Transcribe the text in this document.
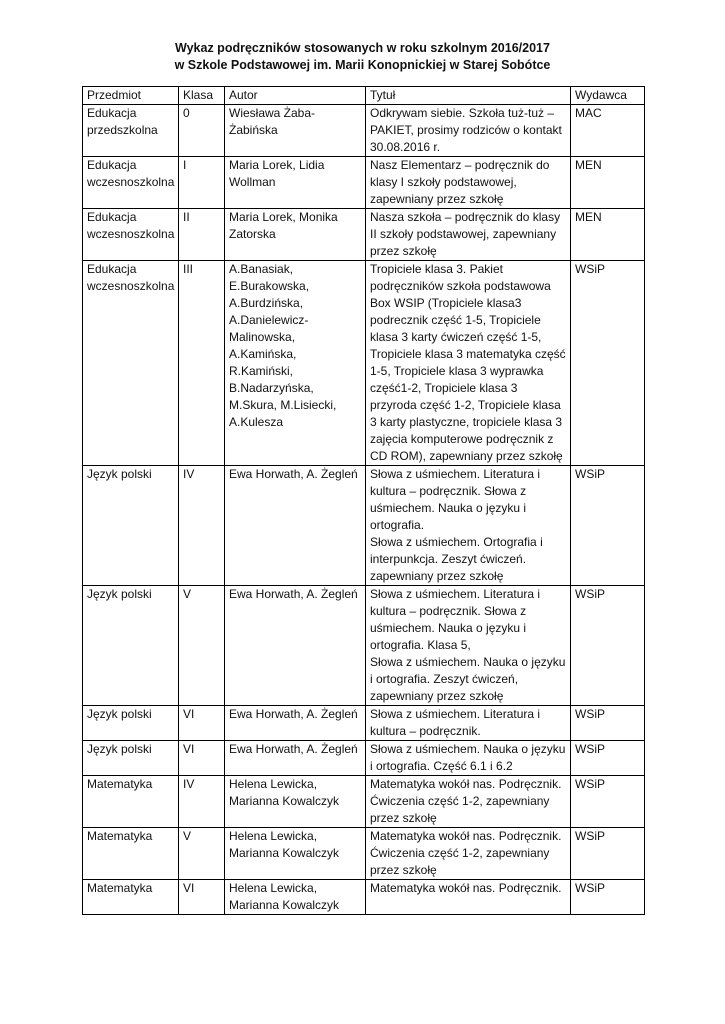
Wykaz podręczników stosowanych w roku szkolnym 2016/2017
w Szkole Podstawowej im. Marii Konopnickiej w Starej Sobótce
Przedmiot	Klasa	Autor	Tytuł	Wydawca
Edukacja przedszkolna	0	Wiesława Żaba-Żabińska	Odkrywam siebie. Szkoła tuż-tuż – PAKIET, prosimy rodziców o kontakt 30.08.2016 r.	MAC
Edukacja wczesnoszkolna	I	Maria Lorek, Lidia Wollman	Nasz Elementarz – podręcznik do klasy I szkoły podstawowej, zapewniany przez szkołę	MEN
Edukacja wczesnoszkolna	II	Maria Lorek, Monika Zatorska	Nasza szkoła – podręcznik do klasy II szkoły podstawowej, zapewniany przez szkołę	MEN
Edukacja wczesnoszkolna	III	A.Banasiak, E.Burakowska, A.Burdzińska, A.Danielewicz-Malinowska, A.Kamińska, R.Kamiński, B.Nadarzyńska, M.Skura, M.Lisiecki, A.Kulesza	Tropiciele klasa 3. Pakiet podręczników szkoła podstawowa Box WSIP (Tropiciele klasa3 podrecznik część 1-5, Tropiciele klasa 3 karty ćwiczeń część 1-5, Tropiciele klasa 3 matematyka część 1-5, Tropiciele klasa 3 wyprawka część1-2, Tropiciele klasa 3 przyroda część 1-2, Tropiciele klasa 3 karty plastyczne, tropiciele klasa 3 zajęcia komputerowe podręcznik z CD ROM), zapewniany przez szkołę	WSiP
Język polski	IV	Ewa Horwath, A. Żegleń	Słowa z uśmiechem. Literatura i kultura – podręcznik. Słowa z uśmiechem. Nauka o języku i ortografia.
Słowa z uśmiechem. Ortografia i interpunkcja. Zeszyt ćwiczeń.
zapewniany przez szkołę	WSiP
Język polski	V	Ewa Horwath, A. Żegleń	Słowa z uśmiechem. Literatura i kultura – podręcznik. Słowa z uśmiechem. Nauka o języku i ortografia. Klasa 5,
Słowa z uśmiechem. Nauka o języku i ortografia. Zeszyt ćwiczeń, zapewniany przez szkołę	WSiP
Język polski	VI	Ewa Horwath, A. Żegleń	Słowa z uśmiechem. Literatura i kultura – podręcznik.	WSiP
Język polski	VI	Ewa Horwath, A. Żegleń	Słowa z uśmiechem. Nauka o języku i ortografia. Część 6.1 i 6.2	WSiP
Matematyka	IV	Helena Lewicka, Marianna Kowalczyk	Matematyka wokół nas. Podręcznik.
Ćwiczenia część 1-2, zapewniany przez szkołę	WSiP
Matematyka	V	Helena Lewicka, Marianna Kowalczyk	Matematyka wokół nas. Podręcznik.
Ćwiczenia część 1-2, zapewniany przez szkołę	WSiP
Matematyka	VI	Helena Lewicka, Marianna Kowalczyk	Matematyka wokół nas. Podręcznik.	WSiP
